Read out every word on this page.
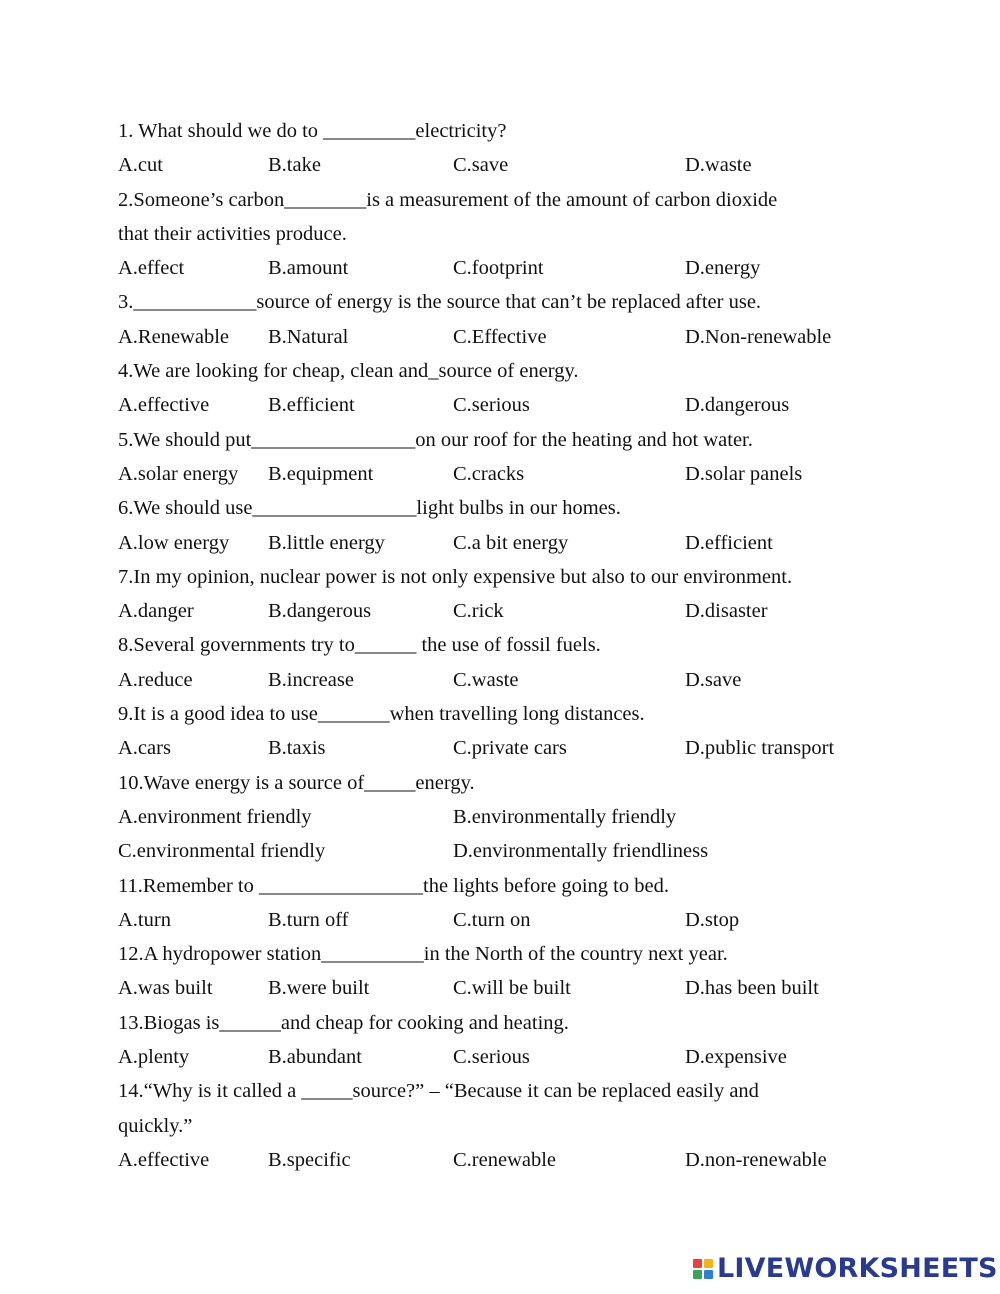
1. What should we do to _________electricity?
A.cut	B.take	C.save	D.waste
2.Someone’s carbon________is a measurement of the amount of carbon dioxide
that their activities produce.
A.effect	B.amount	C.footprint	D.energy
3.____________source of energy is the source that can’t be replaced after use.
A.Renewable B.Natural	C.Effective	D.Non-renewable
4.We are looking for cheap, clean and_source of energy.
A.effective	B.efficient	C.serious	D.dangerous
5.We should put________________on our roof for the heating and hot water.
A.solar energy B.equipment	C.cracks	D.solar panels
6.We should use________________light bulbs in our homes.
A.low energy B.little energy	C.a bit energy	D.efficient
7.In my opinion, nuclear power is not only expensive but also to our environment.
A.danger	B.dangerous	C.rick	D.disaster
8.Several governments try to______ the use of fossil fuels.
A.reduce	B.increase	C.waste	D.save
9.It is a good idea to use_______when travelling long distances.
A.cars	B.taxis	C.private cars	D.public transport
10.Wave energy is a source of_____energy.
A.environment friendly	B.environmentally friendly
C.environmental friendly	D.environmentally friendliness
11.Remember to ________________the lights before going to bed.
A.turn	B.turn off	C.turn on	D.stop
12.A hydropower station__________in the North of the country next year.
A.was built	B.were built	C.will be built	D.has been built
13.Biogas is______and cheap for cooking and heating.
A.plenty	B.abundant	C.serious	D.expensive
14.“Why is it called a _____source?” – “Because it can be replaced easily and
quickly.”
A.effective	B.specific	C.renewable	D.non-renewable
LIVEWORKSHEETS
